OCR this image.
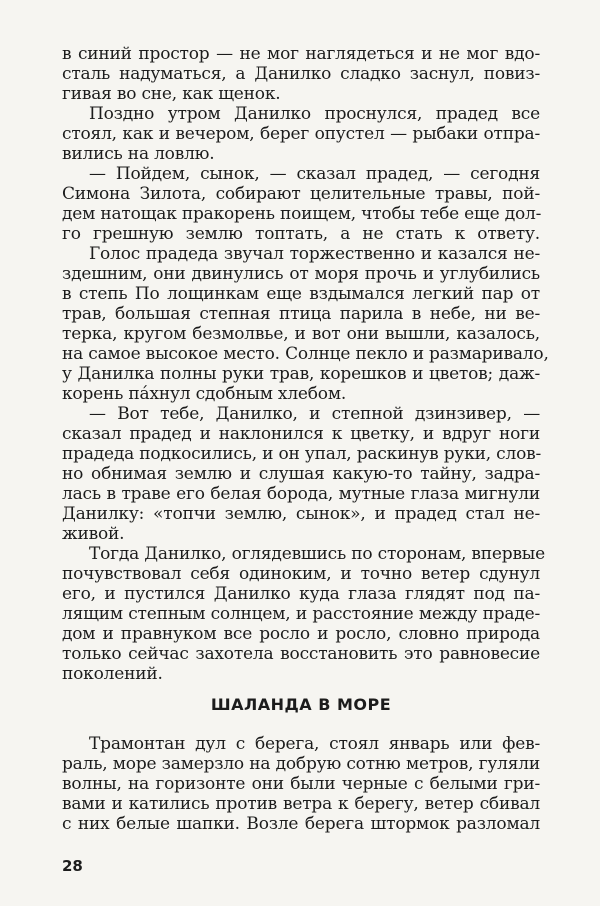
в синий простор — не мог наглядеться и не мог вдо-
сталь надуматься, а Данилко сладко заснул, повиз-
гивая во сне, как щенок.
Поздно утром Данилко проснулся, прадед все
стоял, как и вечером, берег опустел — рыбаки отпра-
вились на ловлю.
— Пойдем, сынок, — сказал прадед, — сегодня
Симона Зилота, собирают целительные травы, пой-
дем натощак пракорень поищем, чтобы тебе еще дол-
го грешную землю топтать, а не стать к ответу.
Голос прадеда звучал торжественно и казался не-
здешним, они двинулись от моря прочь и углубились
в степь По лощинкам еще вздымался легкий пар от
трав, большая степная птица парила в небе, ни ве-
терка, кругом безмолвье, и вот они вышли, казалось,
на самое высокое место. Солнце пекло и размаривало,
у Данилка полны руки трав, корешков и цветов; даж-
корень пáхнул сдобным хлебом.
— Вот тебе, Данилко, и степной дзинзивер, —
сказал прадед и наклонился к цветку, и вдруг ноги
прадеда подкосились, и он упал, раскинув руки, слов-
но обнимая землю и слушая какую-то тайну, задра-
лась в траве его белая борода, мутные глаза мигнули
Данилку: «топчи землю, сынок», и прадед стал не-
живой.
Тогда Данилко, оглядевшись по сторонам, впервые
почувствовал себя одиноким, и точно ветер сдунул
его, и пустился Данилко куда глаза глядят под па-
лящим степным солнцем, и расстояние между праде-
дом и правнуком все росло и росло, словно природа
только сейчас захотела восстановить это равновесие
поколений.
ШАЛАНДА В МОРЕ
Трамонтан дул с берега, стоял январь или фев-
раль, море замерзло на добрую сотню метров, гуляли
волны, на горизонте они были черные с белыми гри-
вами и катились против ветра к берегу, ветер сбивал
с них белые шапки. Возле берега штормок разломал
28
